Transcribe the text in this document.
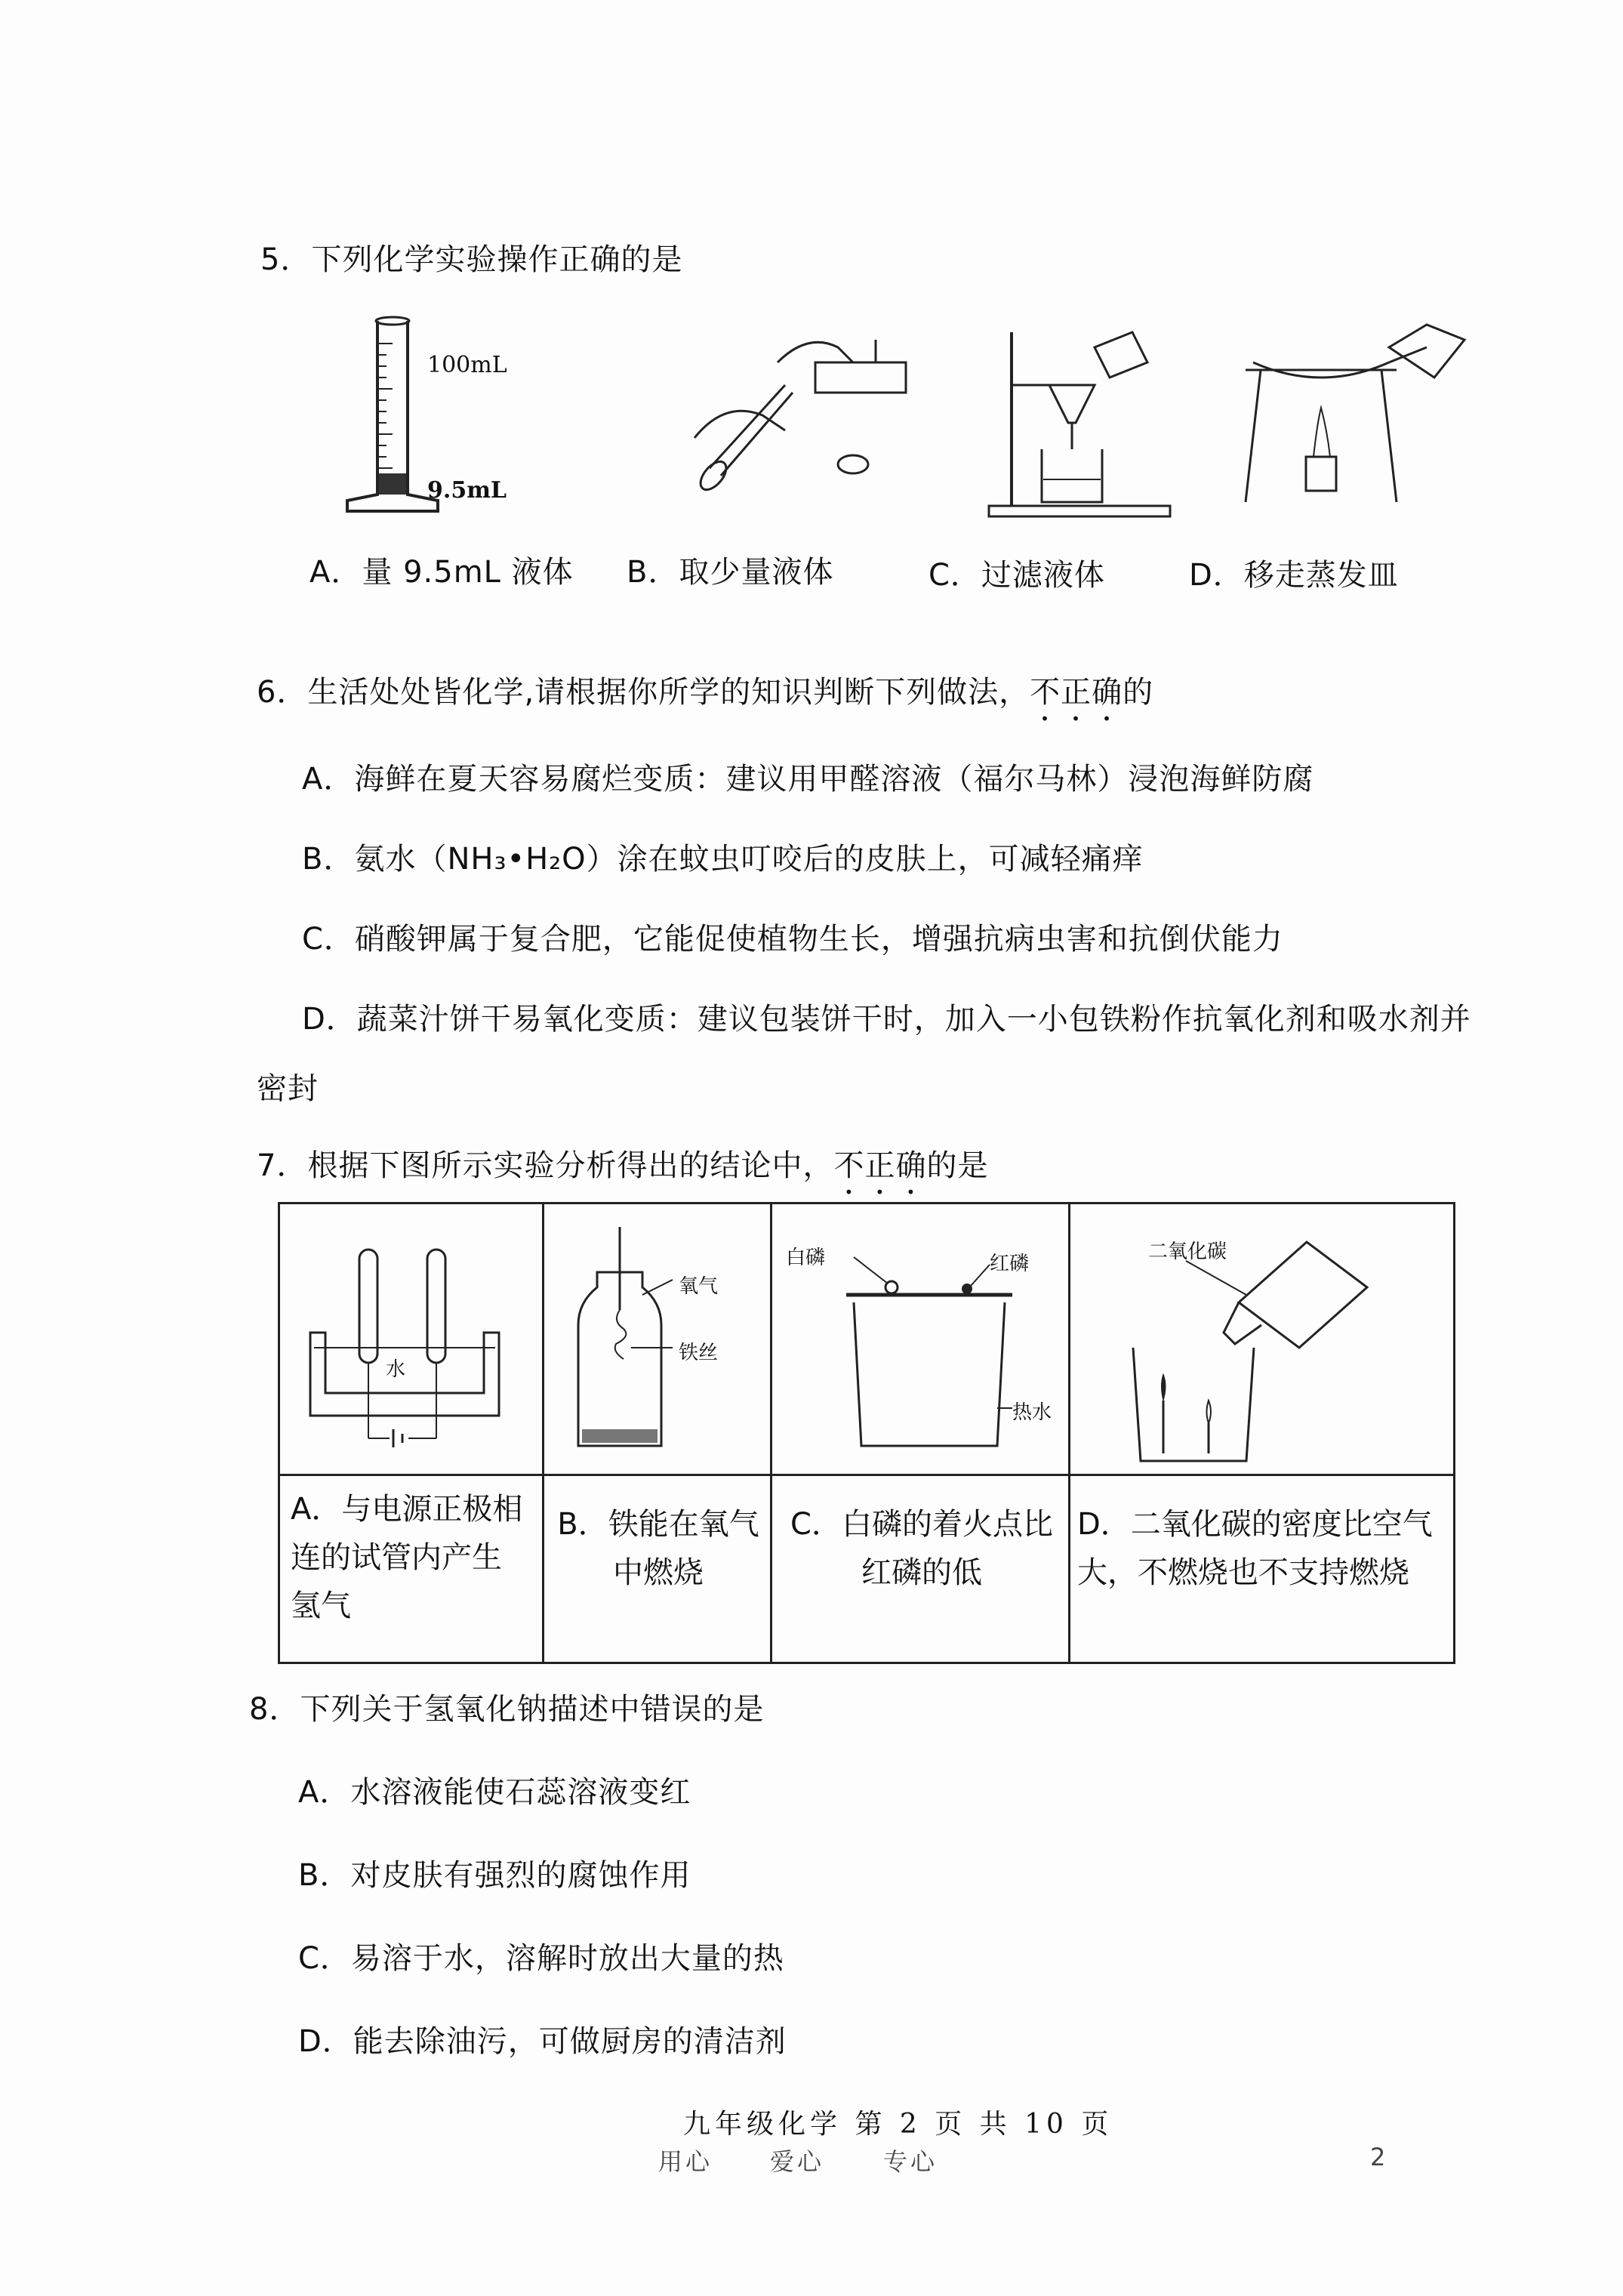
5．下列化学实验操作正确的是
100mL
9.5mL
A．量 9.5mL 液体 B．取少量液体	C．过滤液体	D．移走蒸发皿
6．生活处处皆化学,请根据你所学的知识判断下列做法，不正确的
A．海鲜在夏天容易腐烂变质：建议用甲醛溶液（福尔马林）浸泡海鲜防腐
B．氨水（NH₃•H₂O）涂在蚊虫叮咬后的皮肤上，可减轻痛痒
C．硝酸钾属于复合肥，它能促使植物生长，增强抗病虫害和抗倒伏能力
D．蔬菜汁饼干易氧化变质：建议包装饼干时，加入一小包铁粉作抗氧化剂和吸水剂并
密封
7．根据下图所示实验分析得出的结论中，不正确的是
水
氧气
铁丝
白磷	红磷
热水
二氧化碳
A．与电源正极相
连的试管内产生
氢气
B．铁能在氧气
中燃烧
C．白磷的着火点比
红磷的低
D．二氧化碳的密度比空气
大，不燃烧也不支持燃烧
8．下列关于氢氧化钠描述中错误的是
A．水溶液能使石蕊溶液变红
B．对皮肤有强烈的腐蚀作用
C．易溶于水，溶解时放出大量的热
D．能去除油污，可做厨房的清洁剂
九年级化学 第 2 页 共 10 页
用心 爱心 专心	2
